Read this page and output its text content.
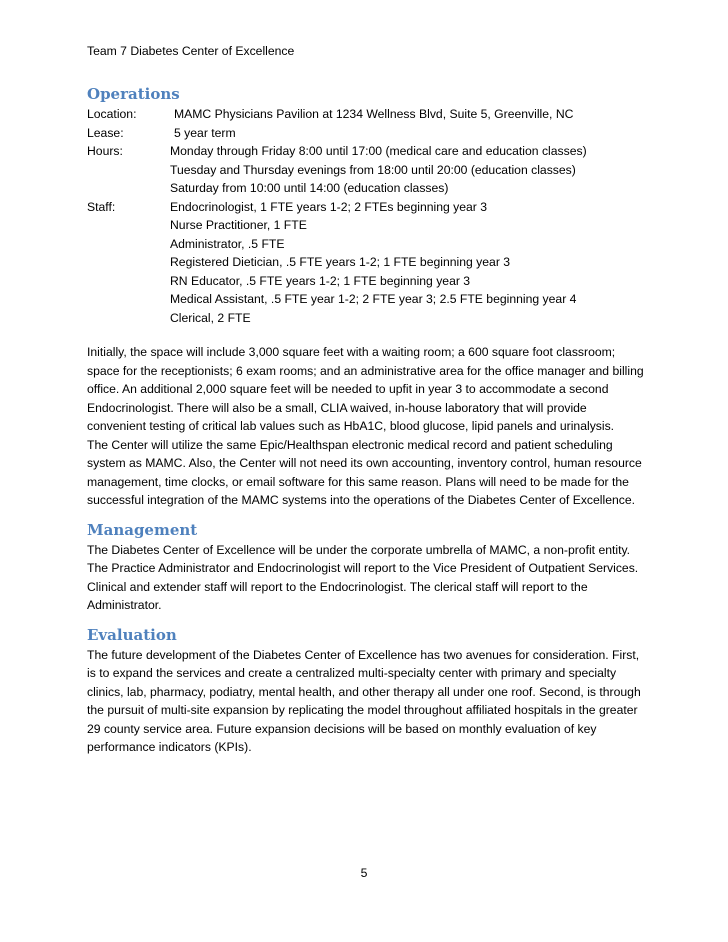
Team 7 Diabetes Center of Excellence
Operations
Location:	MAMC Physicians Pavilion at 1234 Wellness Blvd, Suite 5, Greenville, NC
Lease:	5 year term
Hours:	Monday through Friday 8:00 until 17:00 (medical care and education classes)
Tuesday and Thursday evenings from 18:00 until 20:00 (education classes)
Saturday from 10:00 until 14:00 (education classes)
Staff:	Endocrinologist, 1 FTE years 1-2; 2 FTEs beginning year 3
Nurse Practitioner, 1 FTE
Administrator, .5 FTE
Registered Dietician, .5 FTE years 1-2; 1 FTE beginning year 3
RN Educator, .5 FTE years 1-2; 1 FTE beginning year 3
Medical Assistant, .5 FTE year 1-2; 2 FTE year 3; 2.5 FTE beginning year 4
Clerical, 2 FTE
Initially, the space will include 3,000 square feet with a waiting room; a 600 square foot classroom;
space for the receptionists; 6 exam rooms; and an administrative area for the office manager and billing
office. An additional 2,000 square feet will be needed to upfit in year 3 to accommodate a second
Endocrinologist. There will also be a small, CLIA waived, in-house laboratory that will provide
convenient testing of critical lab values such as HbA1C, blood glucose, lipid panels and urinalysis.
The Center will utilize the same Epic/Healthspan electronic medical record and patient scheduling
system as MAMC. Also, the Center will not need its own accounting, inventory control, human resource
management, time clocks, or email software for this same reason. Plans will need to be made for the
successful integration of the MAMC systems into the operations of the Diabetes Center of Excellence.
Management
The Diabetes Center of Excellence will be under the corporate umbrella of MAMC, a non-profit entity.
The Practice Administrator and Endocrinologist will report to the Vice President of Outpatient Services.
Clinical and extender staff will report to the Endocrinologist. The clerical staff will report to the
Administrator.
Evaluation
The future development of the Diabetes Center of Excellence has two avenues for consideration. First,
is to expand the services and create a centralized multi-specialty center with primary and specialty
clinics, lab, pharmacy, podiatry, mental health, and other therapy all under one roof. Second, is through
the pursuit of multi-site expansion by replicating the model throughout affiliated hospitals in the greater
29 county service area. Future expansion decisions will be based on monthly evaluation of key
performance indicators (KPIs).
5
